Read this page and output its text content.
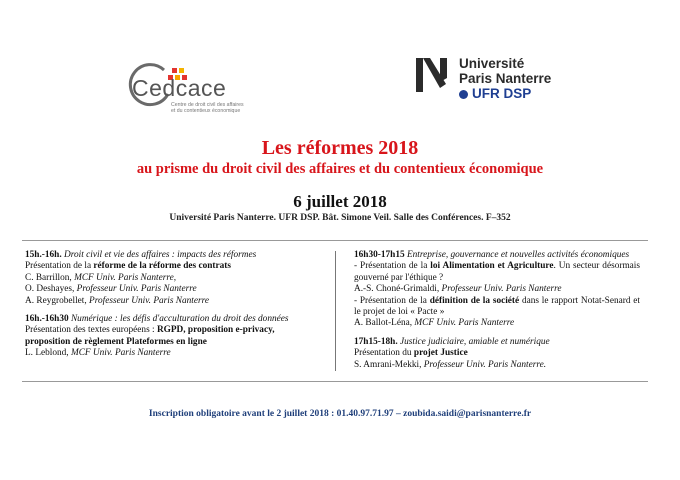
Cedcace
Centre de droit civil des affaires
et du contentieux économique
Université
Paris Nanterre
UFR DSP
Les réformes 2018
au prisme du droit civil des affaires et du contentieux économique
6 juillet 2018
Université Paris Nanterre. UFR DSP. Bât. Simone Veil. Salle des Conférences. F–352
15h.-16h. Droit civil et vie des affaires : impacts des réformes
Présentation de la réforme de la réforme des contrats
C. Barrillon, MCF Univ. Paris Nanterre,
O. Deshayes, Professeur Univ. Paris Nanterre
A. Reygrobellet, Professeur Univ. Paris Nanterre
16h.-16h30 Numérique : les défis d'acculturation du droit des données
Présentation des textes européens : RGPD, proposition e-privacy,
proposition de règlement Plateformes en ligne
L. Leblond, MCF Univ. Paris Nanterre
16h30-17h15 Entreprise, gouvernance et nouvelles activités économiques
- Présentation de la loi Alimentation et Agriculture. Un secteur désormais gouverné par l'éthique ?
A.-S. Choné-Grimaldi, Professeur Univ. Paris Nanterre
- Présentation de la définition de la société dans le rapport Notat-Senard et le projet de loi « Pacte »
A. Ballot-Léna, MCF Univ. Paris Nanterre
17h15-18h. Justice judiciaire, amiable et numérique
Présentation du projet Justice
S. Amrani-Mekki, Professeur Univ. Paris Nanterre.
Inscription obligatoire avant le 2 juillet 2018 : 01.40.97.71.97 – zoubida.saidi@parisnanterre.fr
